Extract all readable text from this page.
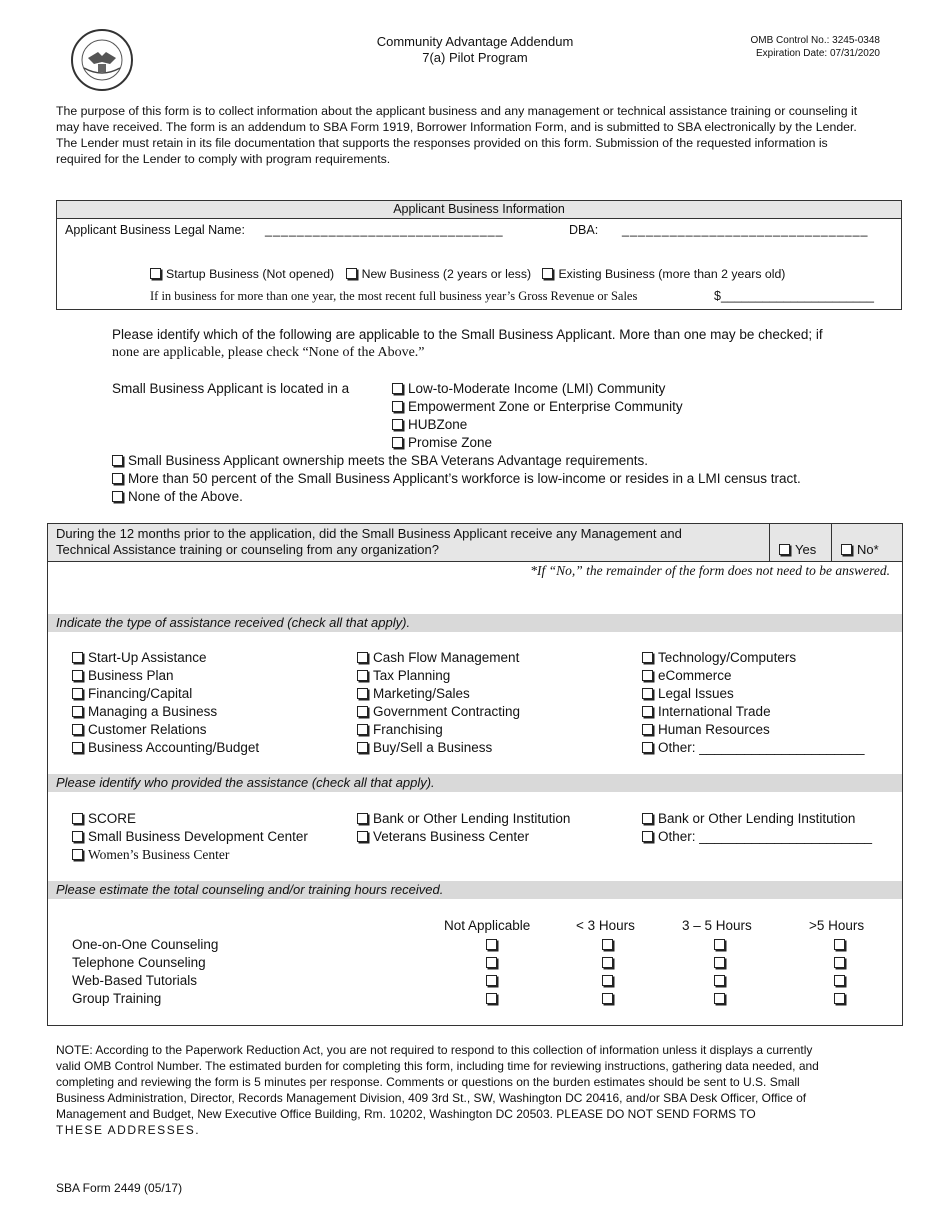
Community Advantage Addendum
7(a) Pilot Program
OMB Control No.: 3245-0348
Expiration Date: 07/31/2020
The purpose of this form is to collect information about the applicant business and any management or technical assistance training or counseling it
may have received. The form is an addendum to SBA Form 1919, Borrower Information Form, and is submitted to SBA electronically by the Lender.
The Lender must retain in its file documentation that supports the responses provided on this form. Submission of the requested information is
required for the Lender to comply with program requirements.
Applicant Business Information
Applicant Business Legal Name: ______________________________	DBA: _______________________________
Startup Business (Not opened) New Business (2 years or less) Existing Business (more than 2 years old)
If in business for more than one year, the most recent full business year’s Gross Revenue or Sales	$______________________
Please identify which of the following are applicable to the Small Business Applicant. More than one may be checked; if
none are applicable, please check “None of the Above.”
Small Business Applicant is located in a	Low-to-Moderate Income (LMI) Community
Empowerment Zone or Enterprise Community
HUBZone
Promise Zone
Small Business Applicant ownership meets the SBA Veterans Advantage requirements.
More than 50 percent of the Small Business Applicant’s workforce is low-income or resides in a LMI census tract.
None of the Above.
During the 12 months prior to the application, did the Small Business Applicant receive any Management and
Technical Assistance training or counseling from any organization?	Yes	No*
*If “No,” the remainder of the form does not need to be answered.
Indicate the type of assistance received (check all that apply).
Start-Up Assistance
Business Plan
Financing/Capital
Managing a Business
Customer Relations
Business Accounting/Budget
Cash Flow Management
Tax Planning
Marketing/Sales
Government Contracting
Franchising
Buy/Sell a Business
Technology/Computers
eCommerce
Legal Issues
International Trade
Human Resources
Other: ______________________
Please identify who provided the assistance (check all that apply).
SCORE
Small Business Development Center
Women’s Business Center
Bank or Other Lending Institution
Veterans Business Center
Bank or Other Lending Institution
Other: _______________________
Please estimate the total counseling and/or training hours received.
Not Applicable	< 3 Hours	3 – 5 Hours	>5 Hours
One-on-One Counseling
Telephone Counseling
Web-Based Tutorials
Group Training
NOTE: According to the Paperwork Reduction Act, you are not required to respond to this collection of information unless it displays a currently
valid OMB Control Number. The estimated burden for completing this form, including time for reviewing instructions, gathering data needed, and
completing and reviewing the form is 5 minutes per response. Comments or questions on the burden estimates should be sent to U.S. Small
Business Administration, Director, Records Management Division, 409 3rd St., SW, Washington DC 20416, and/or SBA Desk Officer, Office of
Management and Budget, New Executive Office Building, Rm. 10202, Washington DC 20503. PLEASE DO NOT SEND FORMS TO
THESE ADDRESSES.
SBA Form 2449 (05/17)
